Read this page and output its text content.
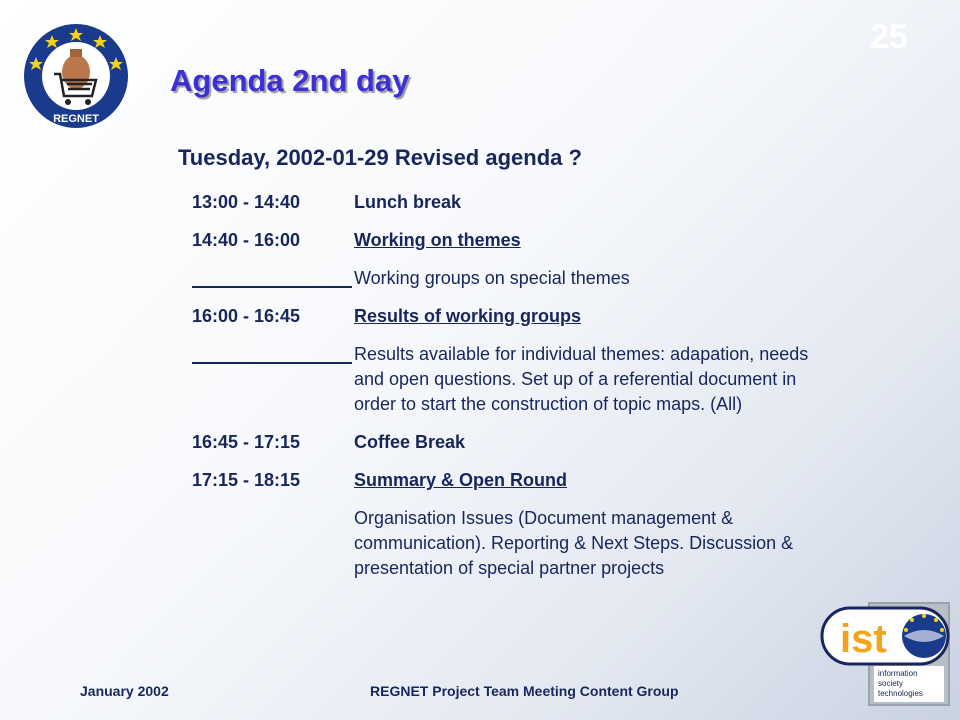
REGNET
25
Agenda 2nd day
Tuesday, 2002-01-29 Revised agenda ?
13:00 - 14:40	Lunch break
14:40 - 16:00	Working on themes
Working groups on special themes
16:00 - 16:45	Results of working groups
Results available for individual themes: adapation, needs and open questions. Set up of a referential document in order to start the construction of topic maps. (All)
16:45 - 17:15	Coffee Break
17:15 - 18:15	Summary & Open Round
Organisation Issues (Document management & communication). Reporting & Next Steps. Discussion & presentation of special partner projects
January 2002	REGNET Project Team Meeting Content Group
ist
information
society
technologies
